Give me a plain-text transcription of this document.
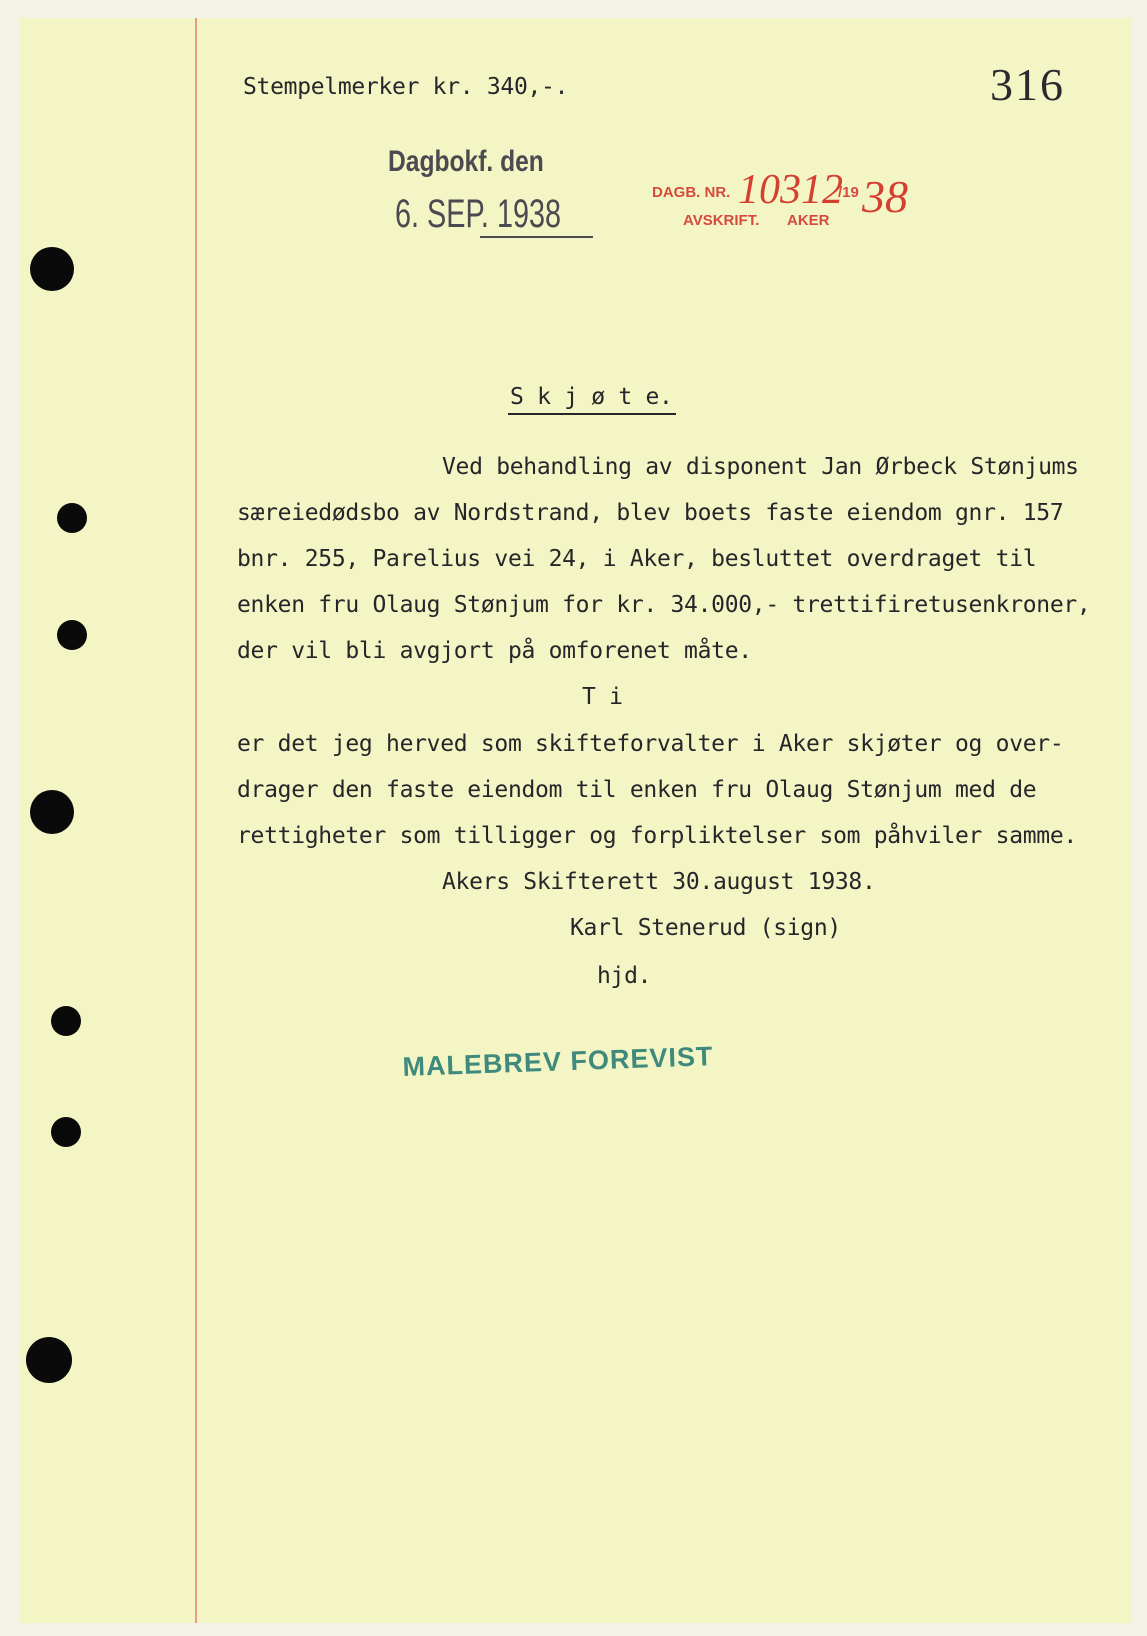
Stempelmerker kr. 340,-.	316
Dagbokf. den
6. SEP. 1938	DAGB. NR. 10312
/19 38
AVSKRIFT. AKER
S k j ø t e.
Ved behandling av disponent Jan Ørbeck Stønjums
særeiedødsbo av Nordstrand, blev boets faste eiendom gnr. 157
bnr. 255, Parelius vei 24, i Aker, besluttet overdraget til
enken fru Olaug Stønjum for kr. 34.000,- trettifiretusenkroner,
der vil bli avgjort på omforenet måte.
T i
er det jeg herved som skifteforvalter i Aker skjøter og over-
drager den faste eiendom til enken fru Olaug Stønjum med de
rettigheter som tilligger og forpliktelser som påhviler samme.
Akers Skifterett 30.august 1938.
Karl Stenerud (sign)
hjd.
MALEBREV FOREVIST
